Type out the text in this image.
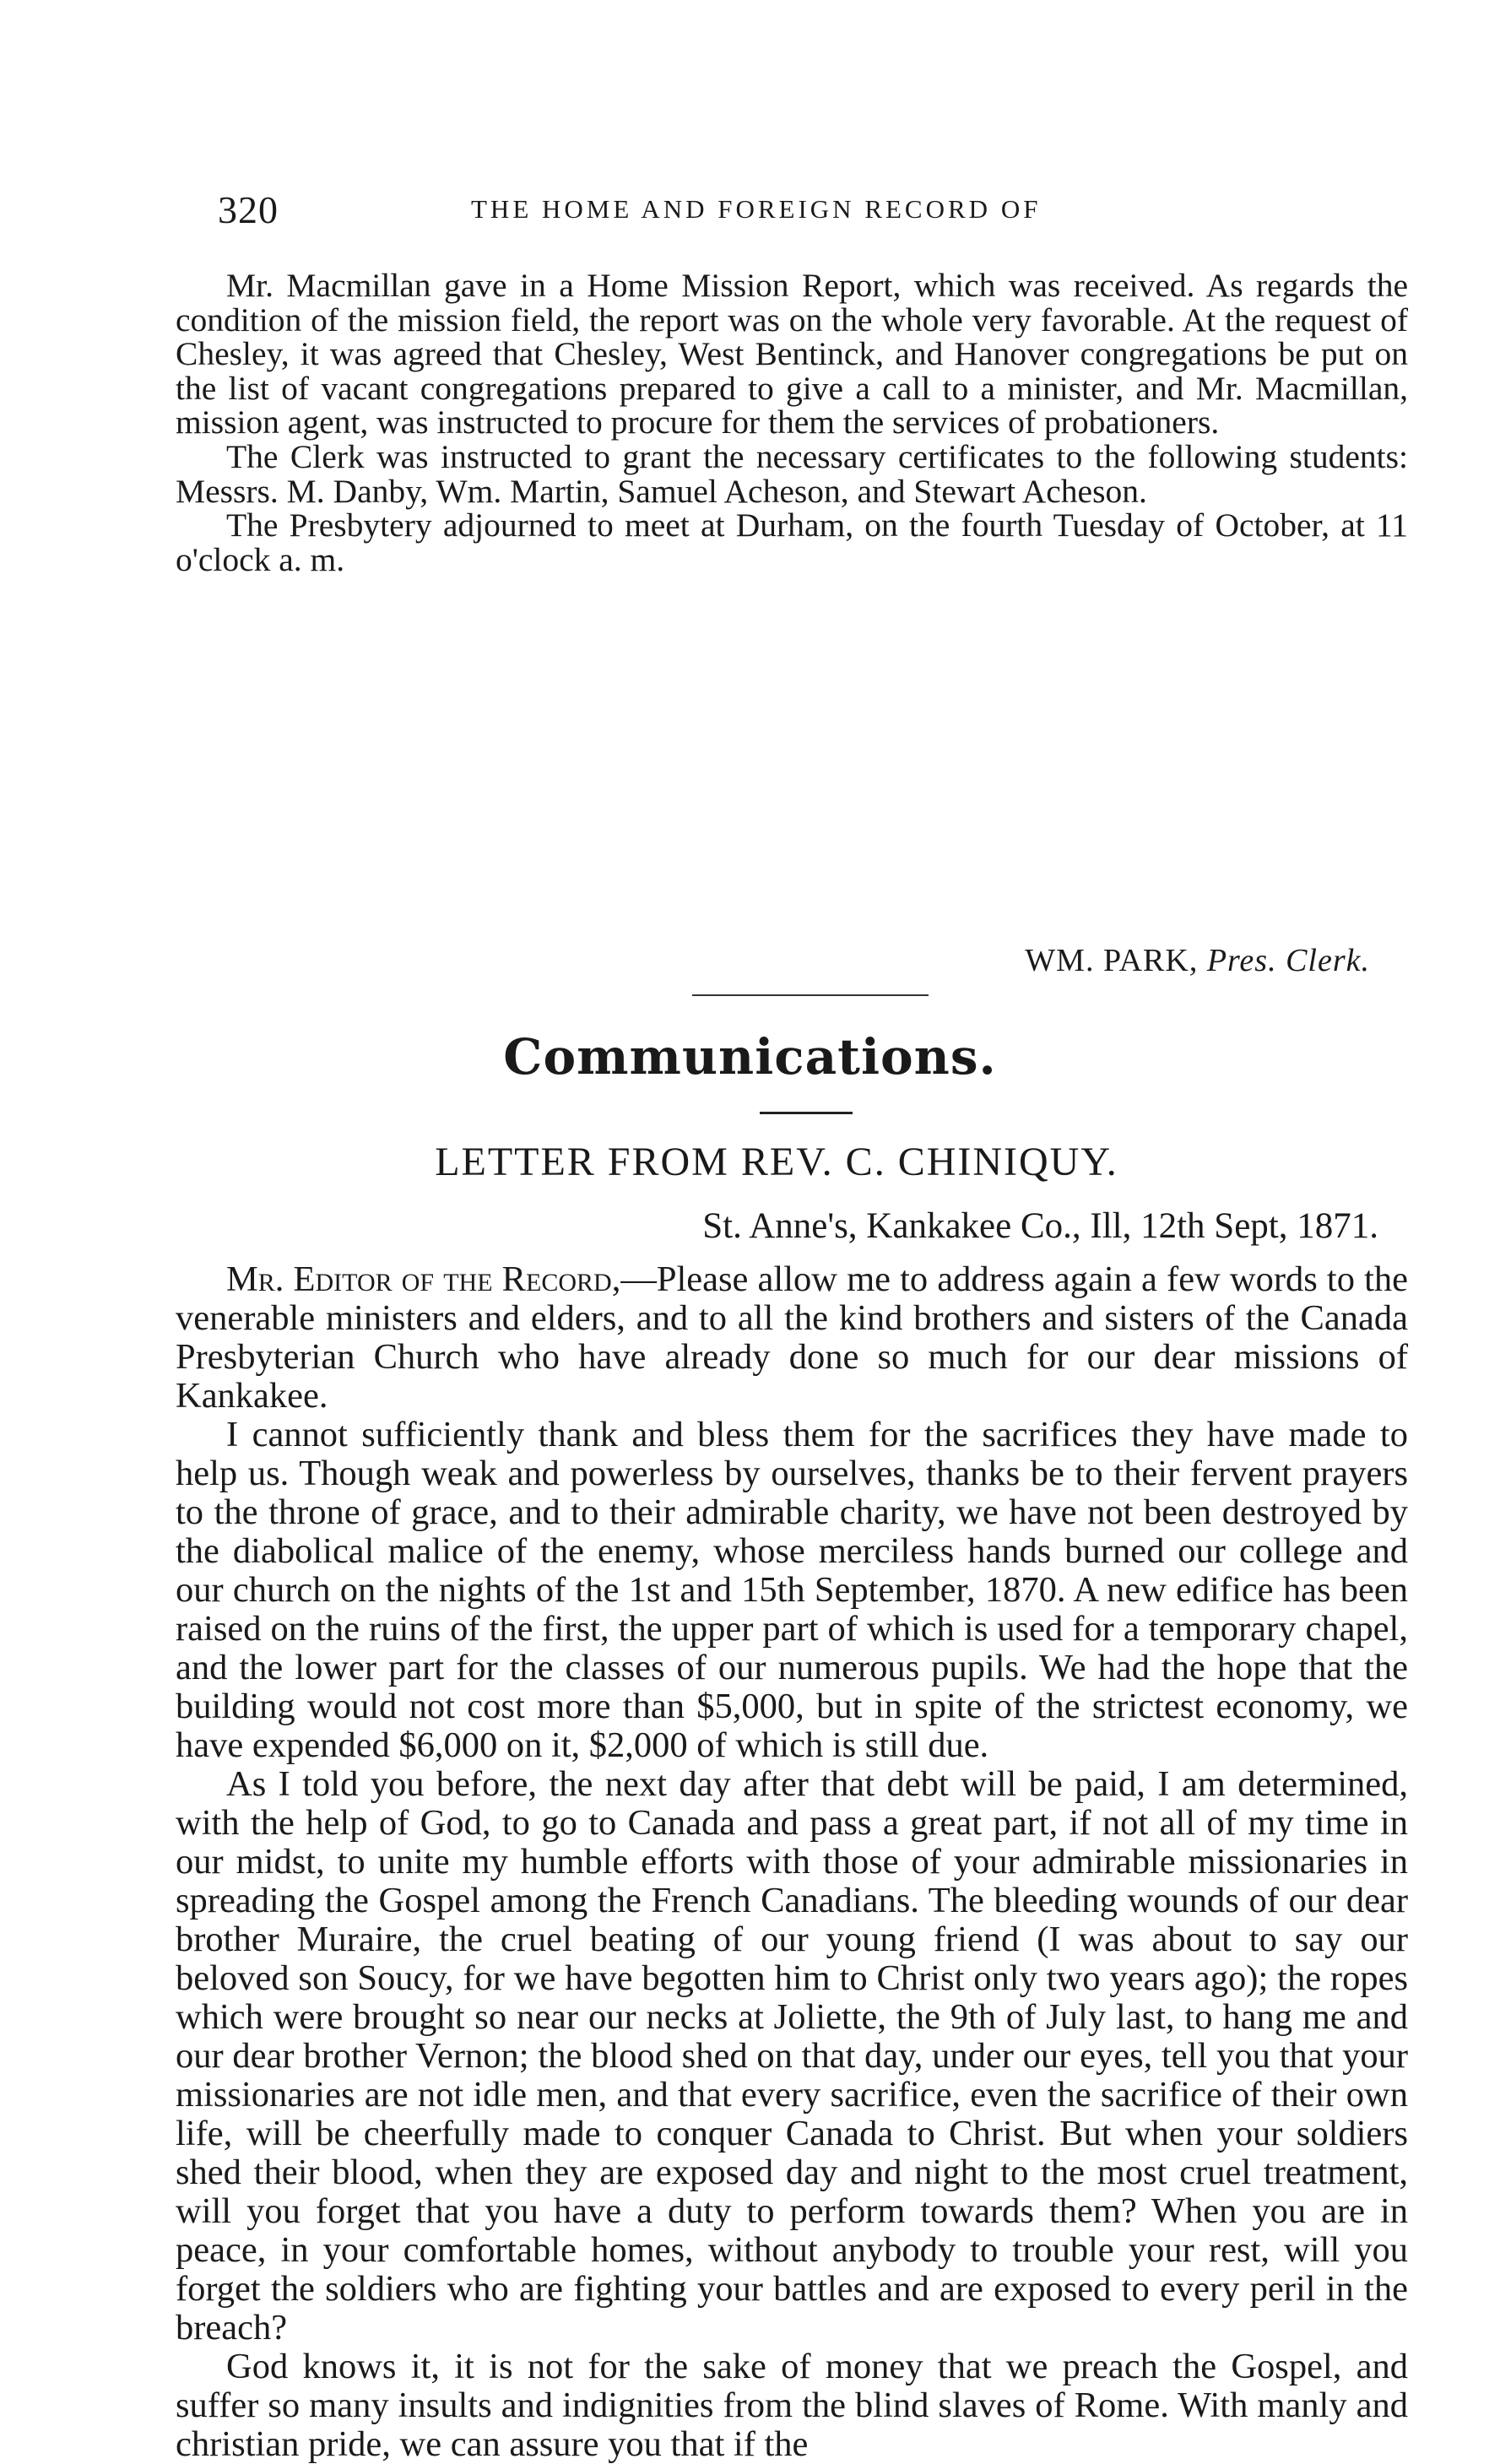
320	THE HOME AND FOREIGN RECORD OF

Mr. Macmillan gave in a Home Mission Report, which was received. As regards the condition of the mission field, the report was on the whole very favorable. At the request of Chesley, it was agreed that Chesley, West Bentinck, and Hanover congregations be put on the list of vacant congregations prepared to give a call to a minister, and Mr. Macmillan, mission agent, was instructed to procure for them the services of probationers.

The Clerk was instructed to grant the necessary certificates to the following students: Messrs. M. Danby, Wm. Martin, Samuel Acheson, and Stewart Acheson.

The Presbytery adjourned to meet at Durham, on the fourth Tuesday of October, at 11 o'clock a. m.

WM. PARK, Pres. Clerk.
Communications.
LETTER FROM REV. C. CHINIQUY.
St. Anne's, Kankakee Co., Ill, 12th Sept, 1871.

Mr. Editor of the Record,—Please allow me to address again a few words to the venerable ministers and elders, and to all the kind brothers and sisters of the Canada Presbyterian Church who have already done so much for our dear missions of Kankakee.

I cannot sufficiently thank and bless them for the sacrifices they have made to help us. Though weak and powerless by ourselves, thanks be to their fervent prayers to the throne of grace, and to their admirable charity, we have not been destroyed by the diabolical malice of the enemy, whose merciless hands burned our college and our church on the nights of the 1st and 15th September, 1870. A new edifice has been raised on the ruins of the first, the upper part of which is used for a temporary chapel, and the lower part for the classes of our numerous pupils. We had the hope that the building would not cost more than $5,000, but in spite of the strictest economy, we have expended $6,000 on it, $2,000 of which is still due.

As I told you before, the next day after that debt will be paid, I am determined, with the help of God, to go to Canada and pass a great part, if not all of my time in our midst, to unite my humble efforts with those of your admirable missionaries in spreading the Gospel among the French Canadians. The bleeding wounds of our dear brother Muraire, the cruel beating of our young friend (I was about to say our beloved son Soucy, for we have begotten him to Christ only two years ago); the ropes which were brought so near our necks at Joliette, the 9th of July last, to hang me and our dear brother Vernon; the blood shed on that day, under our eyes, tell you that your missionaries are not idle men, and that every sacrifice, even the sacrifice of their own life, will be cheerfully made to conquer Canada to Christ. But when your soldiers shed their blood, when they are exposed day and night to the most cruel treatment, will you forget that you have a duty to perform towards them? When you are in peace, in your comfortable homes, without anybody to trouble your rest, will you forget the soldiers who are fighting your battles and are exposed to every peril in the breach?

God knows it, it is not for the sake of money that we preach the Gospel, and suffer so many insults and indignities from the blind slaves of Rome. With manly and christian pride, we can assure you that if the
